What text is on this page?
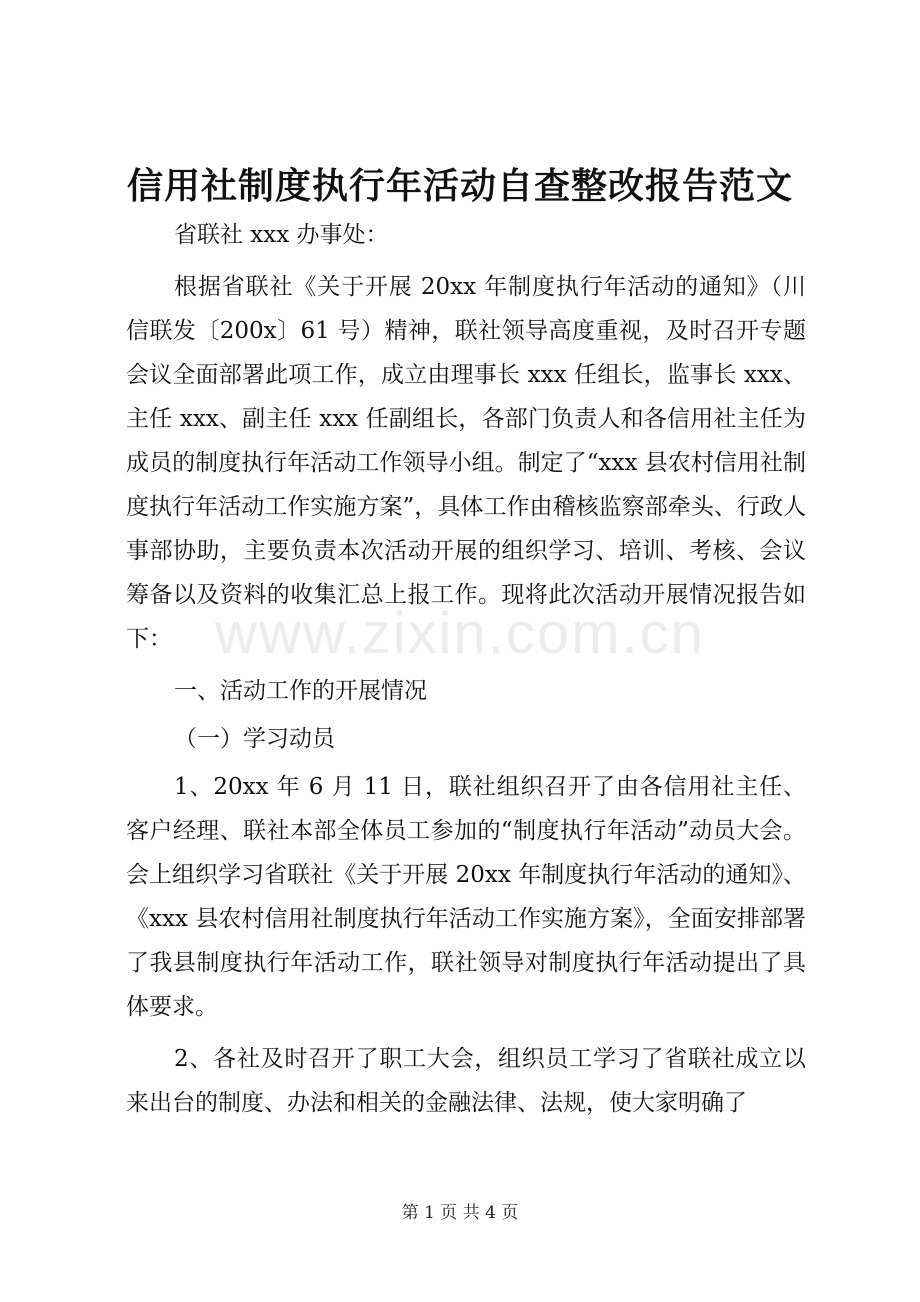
信用社制度执行年活动自查整改报告范文

省联社 xxx 办事处：

根据省联社《关于开展 20xx 年制度执行年活动的通知》（川信联发〔200x〕61 号）精神，联社领导高度重视，及时召开专题会议全面部署此项工作，成立由理事长 xxx 任组长，监事长 xxx、主任 xxx、副主任 xxx 任副组长，各部门负责人和各信用社主任为成员的制度执行年活动工作领导小组。制定了“xxx 县农村信用社制度执行年活动工作实施方案”，具体工作由稽核监察部牵头、行政人事部协助，主要负责本次活动开展的组织学习、培训、考核、会议筹备以及资料的收集汇总上报工作。现将此次活动开展情况报告如下：

一、活动工作的开展情况

（一）学习动员

1、20xx 年 6 月 11 日，联社组织召开了由各信用社主任、客户经理、联社本部全体员工参加的“制度执行年活动”动员大会。会上组织学习省联社《关于开展 20xx 年制度执行年活动的通知》、《xxx 县农村信用社制度执行年活动工作实施方案》，全面安排部署了我县制度执行年活动工作，联社领导对制度执行年活动提出了具体要求。

2、各社及时召开了职工大会，组织员工学习了省联社成立以来出台的制度、办法和相关的金融法律、法规，使大家明确了

www.zixin.com.cn
第 1 页 共 4 页
